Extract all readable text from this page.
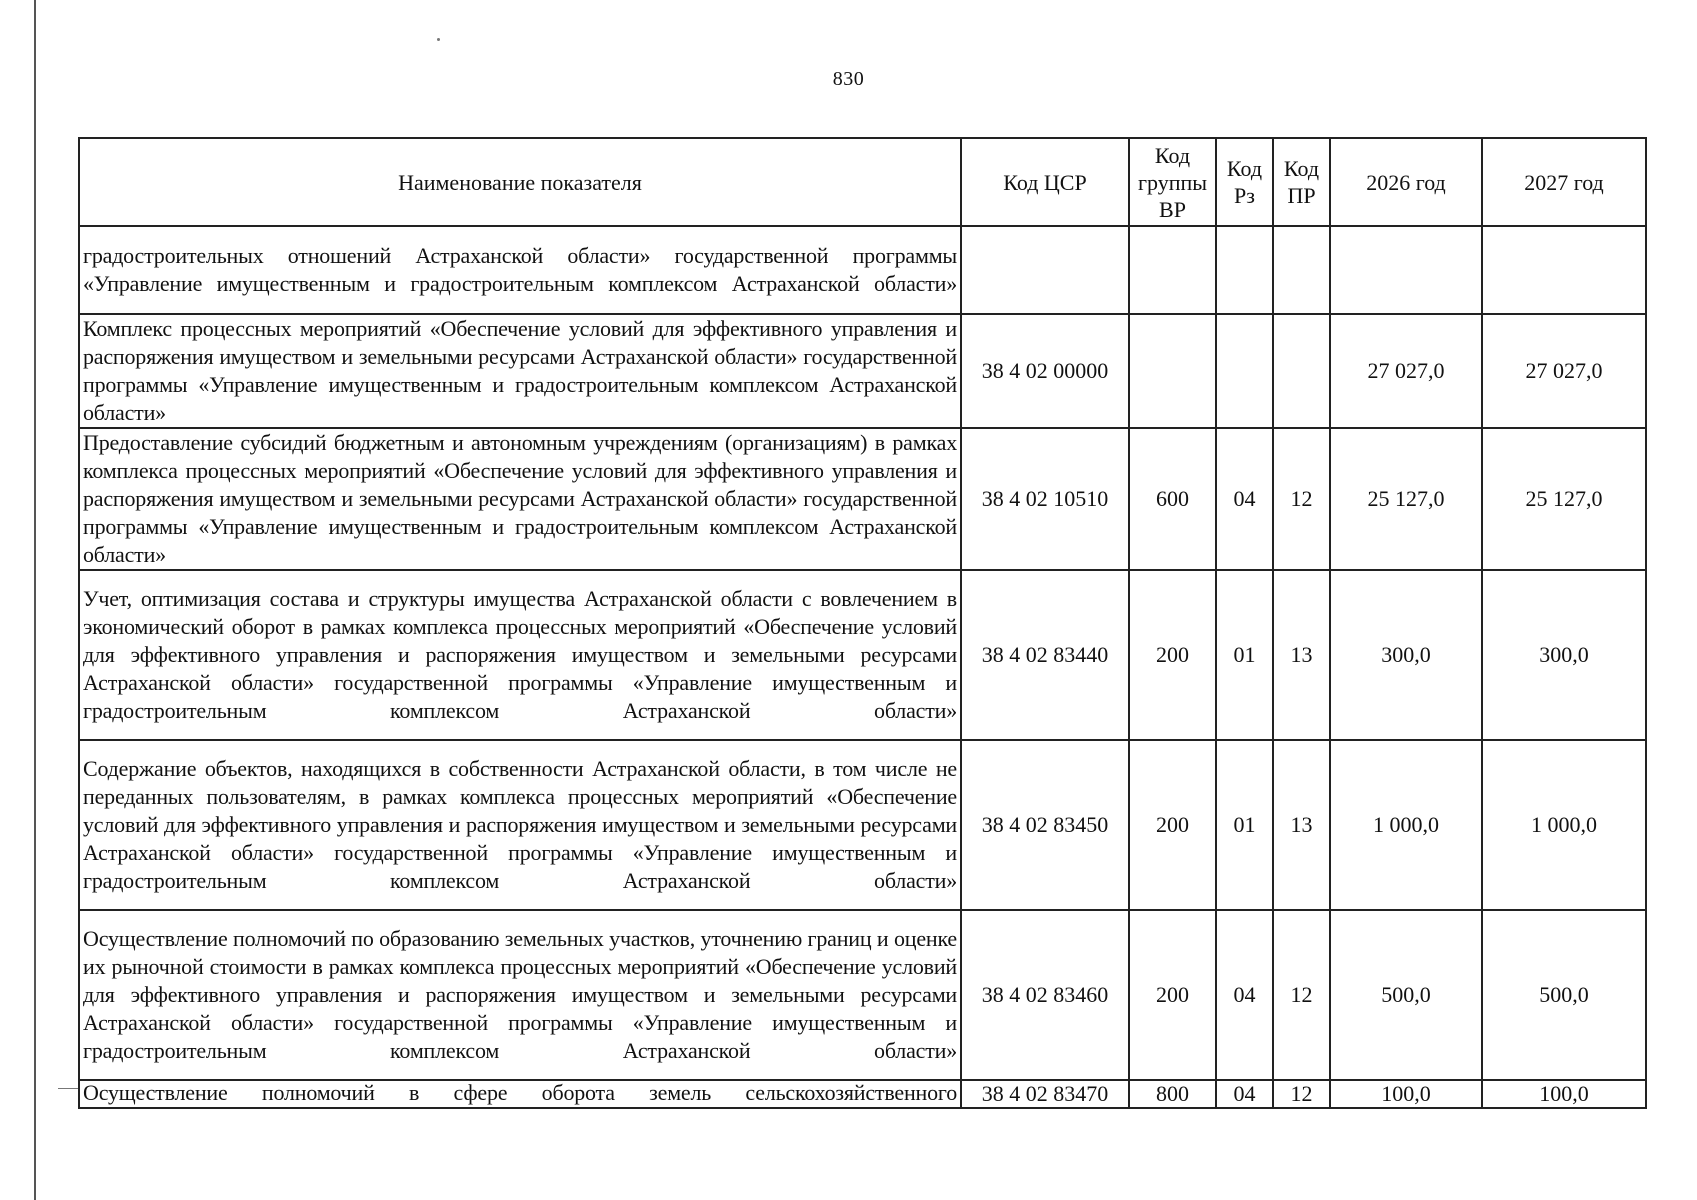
830
Наименование показателя	Код ЦСР	Код группы ВР	Код Рз	Код ПР	2026 год	2027 год
градостроительных отношений Астраханской области» государственной программы «Управление имущественным и градостроительным комплексом Астраханской области»						
Комплекс процессных мероприятий «Обеспечение условий для эффективного управления и распоряжения имуществом и земельными ресурсами Астраханской области» государственной программы «Управление имущественным и градостроительным комплексом Астраханской области»	38 4 02 00000				27 027,0	27 027,0
Предоставление субсидий бюджетным и автономным учреждениям (организациям) в рамках комплекса процессных мероприятий «Обеспечение условий для эффективного управления и распоряжения имуществом и земельными ресурсами Астраханской области» государственной программы «Управление имущественным и градостроительным комплексом Астраханской области»	38 4 02 10510	600	04	12	25 127,0	25 127,0
Учет, оптимизация состава и структуры имущества Астраханской области с вовлечением в экономический оборот в рамках комплекса процессных мероприятий «Обеспечение условий для эффективного управления и распоряжения имуществом и земельными ресурсами Астраханской области» государственной программы «Управление имущественным и градостроительным комплексом Астраханской области»	38 4 02 83440	200	01	13	300,0	300,0
Содержание объектов, находящихся в собственности Астраханской области, в том числе не переданных пользователям, в рамках комплекса процессных мероприятий «Обеспечение условий для эффективного управления и распоряжения имуществом и земельными ресурсами Астраханской области» государственной программы «Управление имущественным и градостроительным комплексом Астраханской области»	38 4 02 83450	200	01	13	1 000,0	1 000,0
Осуществление полномочий по образованию земельных участков, уточнению границ и оценке их рыночной стоимости в рамках комплекса процессных мероприятий «Обеспечение условий для эффективного управления и распоряжения имуществом и земельными ресурсами Астраханской области» государственной программы «Управление имущественным и градостроительным комплексом Астраханской области»	38 4 02 83460	200	04	12	500,0	500,0
Осуществление полномочий в сфере оборота земель сельскохозяйственного	38 4 02 83470	800	04	12	100,0	100,0
